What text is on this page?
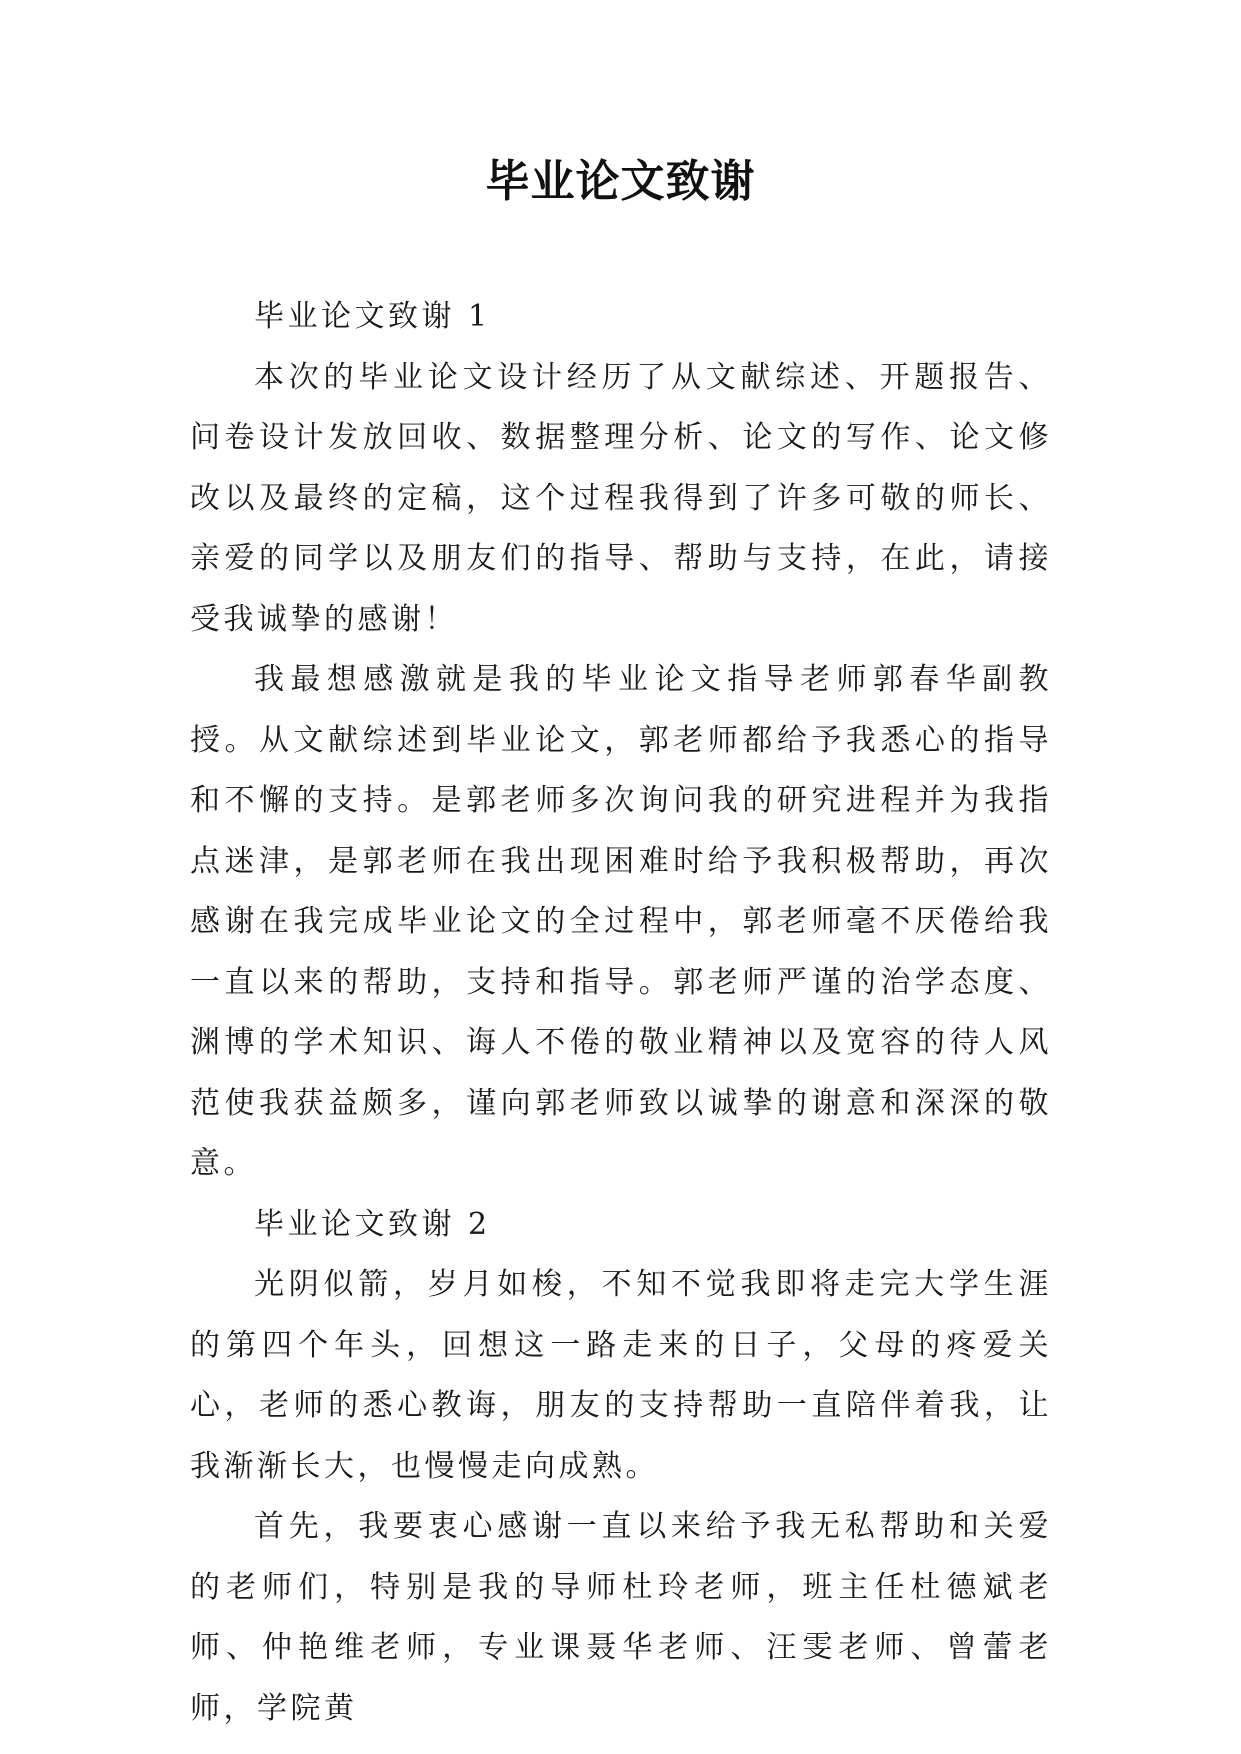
毕业论文致谢

毕业论文致谢 1

本次的毕业论文设计经历了从文献综述、开题报告、问卷设计发放回收、数据整理分析、论文的写作、论文修改以及最终的定稿，这个过程我得到了许多可敬的师长、亲爱的同学以及朋友们的指导、帮助与支持，在此，请接受我诚挚的感谢！

我最想感激就是我的毕业论文指导老师郭春华副教授。从文献综述到毕业论文，郭老师都给予我悉心的指导和不懈的支持。是郭老师多次询问我的研究进程并为我指点迷津，是郭老师在我出现困难时给予我积极帮助，再次感谢在我完成毕业论文的全过程中，郭老师毫不厌倦给我一直以来的帮助，支持和指导。郭老师严谨的治学态度、渊博的学术知识、诲人不倦的敬业精神以及宽容的待人风范使我获益颇多，谨向郭老师致以诚挚的谢意和深深的敬意。

毕业论文致谢 2

光阴似箭，岁月如梭，不知不觉我即将走完大学生涯的第四个年头，回想这一路走来的日子，父母的疼爱关心，老师的悉心教诲，朋友的支持帮助一直陪伴着我，让我渐渐长大，也慢慢走向成熟。

首先，我要衷心感谢一直以来给予我无私帮助和关爱的老师们，特别是我的导师杜玲老师，班主任杜德斌老师、仲艳维老师，专业课聂华老师、汪雯老师、曾蕾老师，学院黄
